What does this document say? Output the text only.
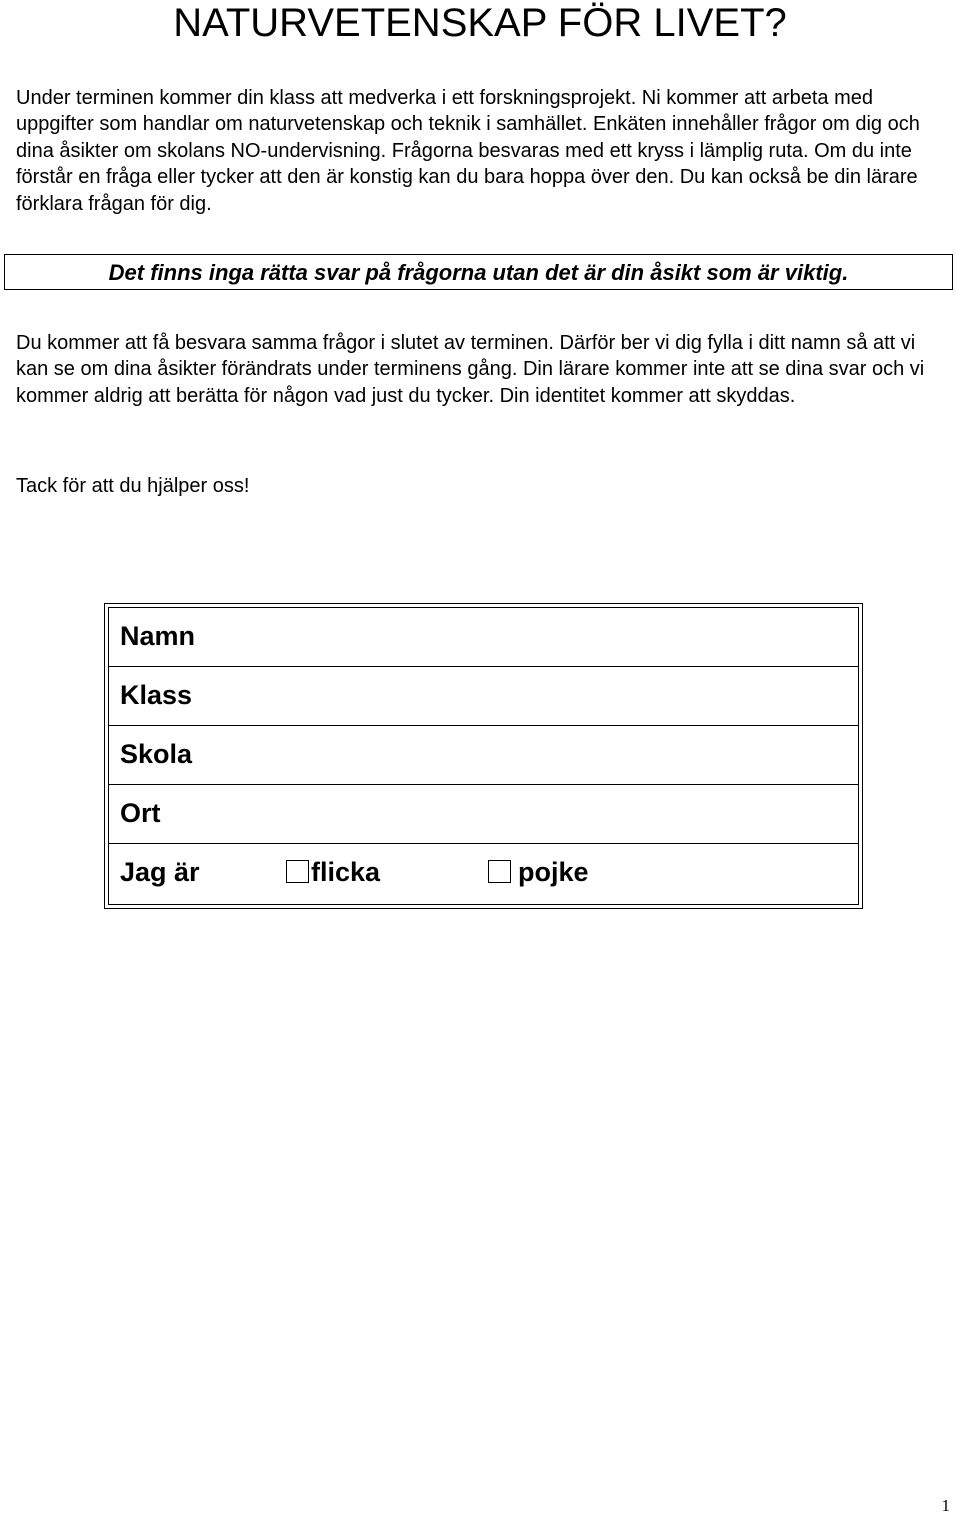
NATURVETENSKAP FÖR LIVET?

Under terminen kommer din klass att medverka i ett forskningsprojekt. Ni kommer att arbeta med uppgifter som handlar om naturvetenskap och teknik i samhället. Enkäten innehåller frågor om dig och dina åsikter om skolans NO-undervisning. Frågorna besvaras med ett kryss i lämplig ruta. Om du inte förstår en fråga eller tycker att den är konstig kan du bara hoppa över den. Du kan också be din lärare förklara frågan för dig.

Det finns inga rätta svar på frågorna utan det är din åsikt som är viktig.

Du kommer att få besvara samma frågor i slutet av terminen. Därför ber vi dig fylla i ditt namn så att vi kan se om dina åsikter förändrats under terminens gång. Din lärare kommer inte att se dina svar och vi kommer aldrig att berätta för någon vad just du tycker. Din identitet kommer att skyddas.

Tack för att du hjälper oss!

Namn
Klass
Skola
Ort
Jag är	flicka	pojke
1
